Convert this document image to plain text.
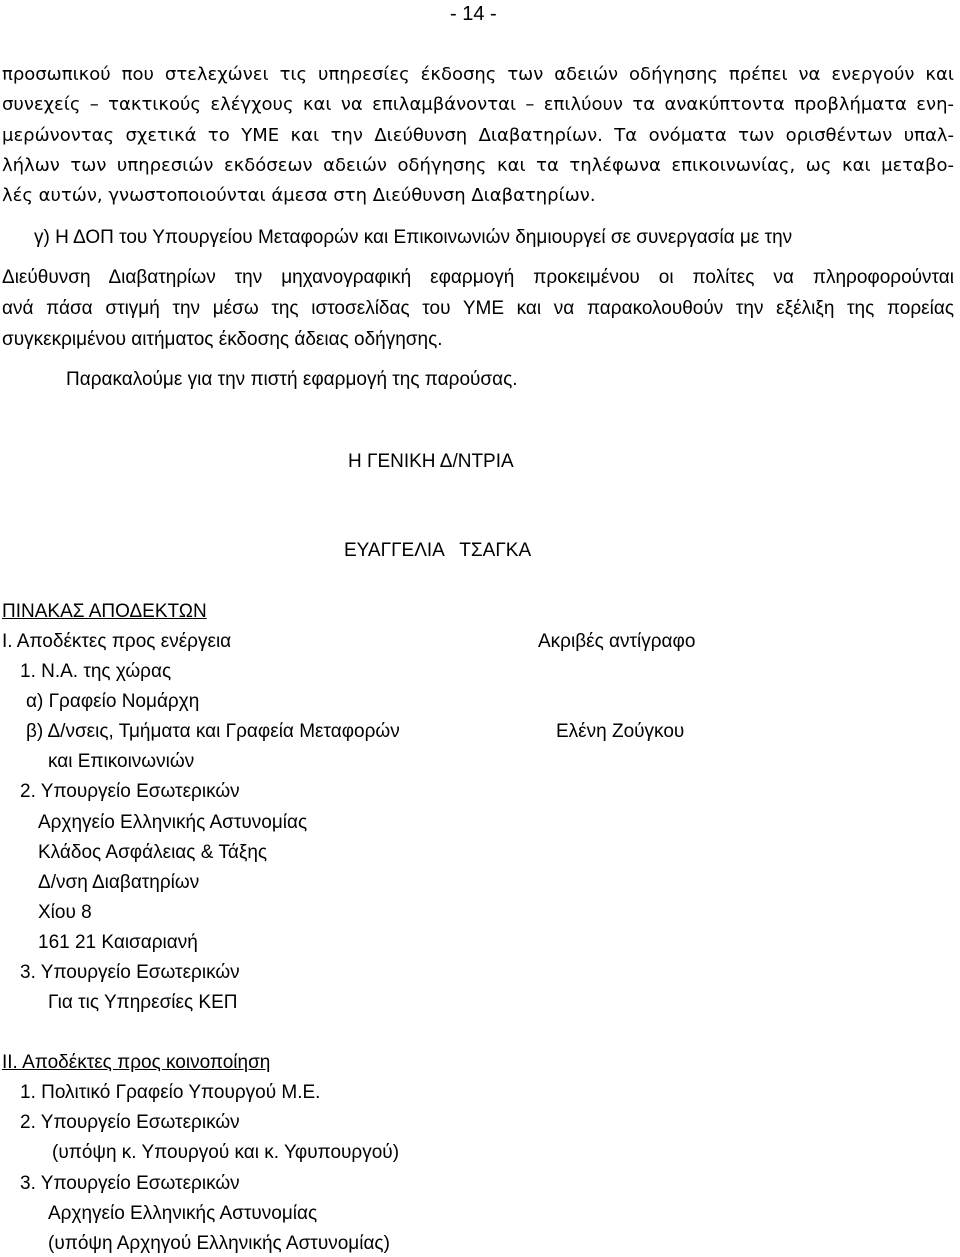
- 14 -
προσωπικού που στελεχώνει τις υπηρεσίες έκδοσης των αδειών οδήγησης πρέπει να ενεργούν και
συνεχείς – τακτικούς ελέγχους και να επιλαμβάνονται – επιλύουν τα ανακύπτοντα προβλήματα ενη-
μερώνοντας σχετικά το ΥΜΕ και την Διεύθυνση Διαβατηρίων. Τα ονόματα των ορισθέντων υπαλ-
λήλων των υπηρεσιών εκδόσεων αδειών οδήγησης και τα τηλέφωνα επικοινωνίας, ως και μεταβο-
λές αυτών, γνωστοποιούνται άμεσα στη Διεύθυνση Διαβατηρίων.
γ) Η ΔΟΠ του Υπουργείου Μεταφορών και Επικοινωνιών δημιουργεί σε συνεργασία με την
Διεύθυνση Διαβατηρίων την μηχανογραφική εφαρμογή προκειμένου οι πολίτες να πληροφορούνται
ανά πάσα στιγμή την μέσω της ιστοσελίδας του ΥΜΕ και να παρακολουθούν την εξέλιξη της πορείας
συγκεκριμένου αιτήματος έκδοσης άδειας οδήγησης.
Παρακαλούμε για την πιστή εφαρμογή της παρούσας.
Η ΓΕΝΙΚΗ Δ/ΝΤΡΙΑ
ΕΥΑΓΓΕΛΙΑ   ΤΣΑΓΚΑ
ΠΙΝΑΚΑΣ ΑΠΟΔΕΚΤΩΝ
Ι. Αποδέκτες προς ενέργεια	Ακριβές αντίγραφο
1. Ν.Α. της χώρας
α) Γραφείο Νομάρχη
β) Δ/νσεις, Τμήματα και Γραφεία Μεταφορών	Ελένη Ζούγκου
και Επικοινωνιών
2. Υπουργείο Εσωτερικών
Αρχηγείο Ελληνικής Αστυνομίας
Κλάδος Ασφάλειας & Τάξης
Δ/νση Διαβατηρίων
Χίου 8
161 21 Καισαριανή
3. Υπουργείο Εσωτερικών
Για τις Υπηρεσίες ΚΕΠ
ΙΙ. Αποδέκτες προς κοινοποίηση
1. Πολιτικό Γραφείο Υπουργού Μ.Ε.
2. Υπουργείο Εσωτερικών
(υπόψη κ. Υπουργού και κ. Υφυπουργού)
3. Υπουργείο Εσωτερικών
Αρχηγείο Ελληνικής Αστυνομίας
(υπόψη Αρχηγού Ελληνικής Αστυνομίας)
